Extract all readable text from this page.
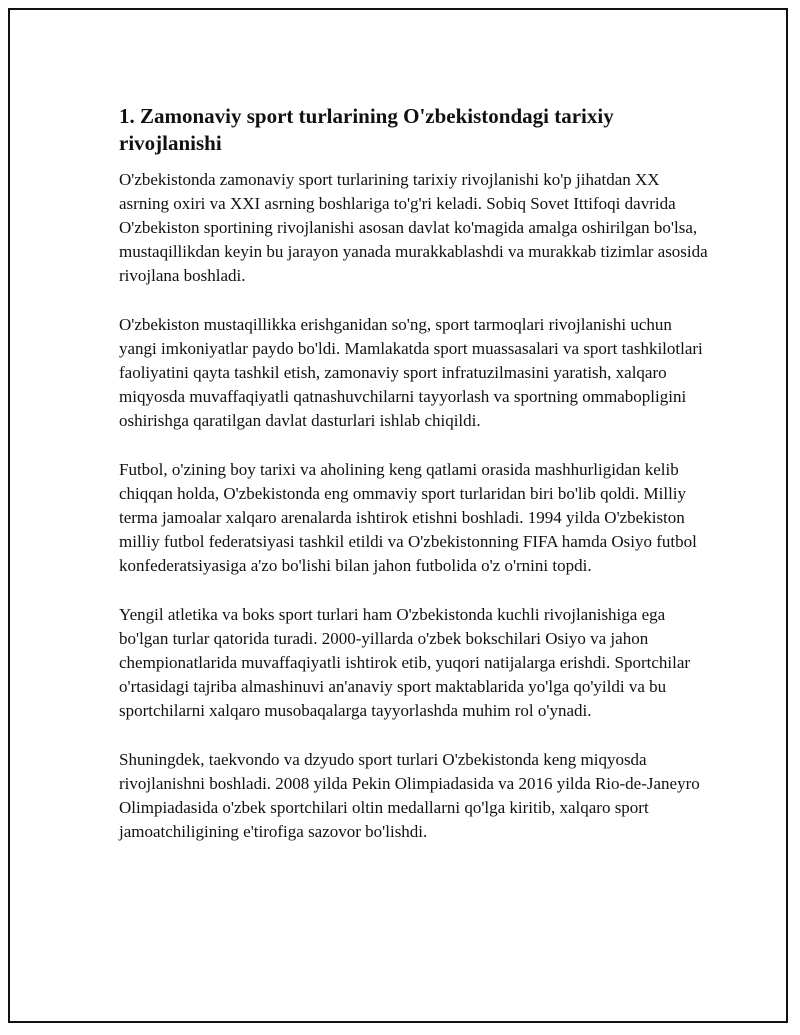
1. Zamonaviy sport turlarining O'zbekistondagi tarixiy rivojlanishi

O'zbekistonda zamonaviy sport turlarining tarixiy rivojlanishi ko'p jihatdan XX asrning oxiri va XXI asrning boshlariga to'g'ri keladi. Sobiq Sovet Ittifoqi davrida O'zbekiston sportining rivojlanishi asosan davlat ko'magida amalga oshirilgan bo'lsa, mustaqillikdan keyin bu jarayon yanada murakkablashdi va murakkab tizimlar asosida rivojlana boshladi.

O'zbekiston mustaqillikka erishganidan so'ng, sport tarmoqlari rivojlanishi uchun yangi imkoniyatlar paydo bo'ldi. Mamlakatda sport muassasalari va sport tashkilotlari faoliyatini qayta tashkil etish, zamonaviy sport infratuzilmasini yaratish, xalqaro miqyosda muvaffaqiyatli qatnashuvchilarni tayyorlash va sportning ommabopligini oshirishga qaratilgan davlat dasturlari ishlab chiqildi.

Futbol, o'zining boy tarixi va aholining keng qatlami orasida mashhurligidan kelib chiqqan holda, O'zbekistonda eng ommaviy sport turlaridan biri bo'lib qoldi. Milliy terma jamoalar xalqaro arenalarda ishtirok etishni boshladi. 1994 yilda O'zbekiston milliy futbol federatsiyasi tashkil etildi va O'zbekistonning FIFA hamda Osiyo futbol konfederatsiyasiga a'zo bo'lishi bilan jahon futbolida o'z o'rnini topdi.

Yengil atletika va boks sport turlari ham O'zbekistonda kuchli rivojlanishiga ega bo'lgan turlar qatorida turadi. 2000-yillarda o'zbek bokschilari Osiyo va jahon chempionatlarida muvaffaqiyatli ishtirok etib, yuqori natijalarga erishdi. Sportchilar o'rtasidagi tajriba almashinuvi an'anaviy sport maktablarida yo'lga qo'yildi va bu sportchilarni xalqaro musobaqalarga tayyorlashda muhim rol o'ynadi.

Shuningdek, taekvondo va dzyudo sport turlari O'zbekistonda keng miqyosda rivojlanishni boshladi. 2008 yilda Pekin Olimpiadasida va 2016 yilda Rio-de-Janeyro Olimpiadasida o'zbek sportchilari oltin medallarni qo'lga kiritib, xalqaro sport jamoatchiligining e'tirofiga sazovor bo'lishdi.
